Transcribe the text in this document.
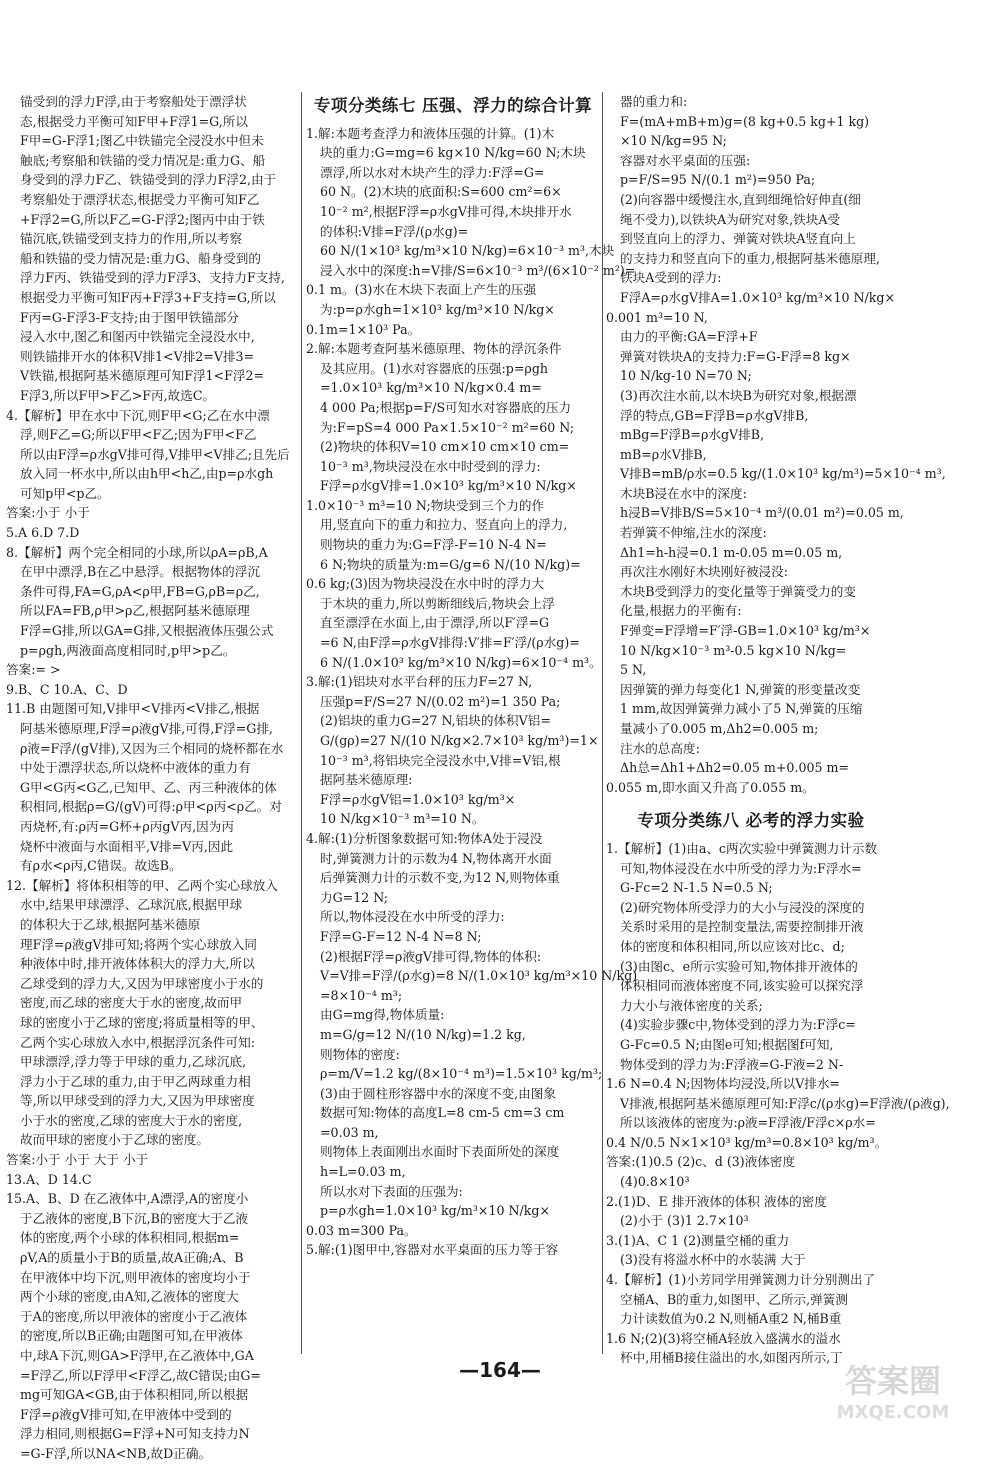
锚受到的浮力F浮,由于考察船处于漂浮状
态,根据受力平衡可知F甲+F浮1=G,所以
F甲=G-F浮1;图乙中铁锚完全浸没水中但未
触底;考察船和铁锚的受力情况是:重力G、船
身受到的浮力F乙、铁锚受到的浮力F浮2,由于
考察船处于漂浮状态,根据受力平衡可知F乙
+F浮2=G,所以F乙=G-F浮2;图丙中由于铁
锚沉底,铁锚受到支持力的作用,所以考察
船和铁锚的受力情况是:重力G、船身受到的
浮力F丙、铁锚受到的浮力F浮3、支持力F支持,
根据受力平衡可知F丙+F浮3+F支持=G,所以
F丙=G-F浮3-F支持;由于图甲铁锚部分
浸入水中,图乙和图丙中铁锚完全浸没水中,
则铁锚排开水的体积V排1<V排2=V排3=
V铁锚,根据阿基米德原理可知F浮1<F浮2=
F浮3,所以F甲>F乙>F丙,故选C。
4.【解析】甲在水中下沉,则F甲<G;乙在水中漂
浮,则F乙=G;所以F甲<F乙;因为F甲<F乙
所以由F浮=ρ水gV排可得,V排甲<V排乙;且先后
放入同一杯水中,所以由h甲<h乙,由p=ρ水gh
可知p甲<p乙。
答案:小于 小于
5.A 6.D 7.D
8.【解析】两个完全相同的小球,所以ρA=ρB,A
在甲中漂浮,B在乙中悬浮。根据物体的浮沉
条件可得,FA=G,ρA<ρ甲,FB=G,ρB=ρ乙,
所以FA=FB,ρ甲>ρ乙,根据阿基米德原理
F浮=G排,所以GA=G排,又根据液体压强公式
p=ρgh,两液面高度相同时,p甲>p乙。
答案:= >
9.B、C 10.A、C、D
11.B 由题图可知,V排甲<V排丙<V排乙,根据
阿基米德原理,F浮=ρ液gV排,可得,F浮=G排,
ρ液=F浮/(gV排),又因为三个相同的烧杯都在水
中处于漂浮状态,所以烧杯中液体的重力有
G甲<G丙<G乙,已知甲、乙、丙三种液体的体
积相同,根据ρ=G/(gV)可得:ρ甲<ρ丙<ρ乙。对
丙烧杯,有:ρ丙=G杯+ρ丙gV丙,因为丙
烧杯中液面与水面相平,V排=V丙,因此
有ρ水<ρ丙,C错误。故选B。
12.【解析】将体积相等的甲、乙两个实心球放入
水中,结果甲球漂浮、乙球沉底,根据甲球
的体积大于乙球,根据阿基米德原
理F浮=ρ液gV排可知;将两个实心球放入同
种液体中时,排开液体体积大的浮力大,所以
乙球受到的浮力大,又因为甲球密度小于水的
密度,而乙球的密度大于水的密度,故而甲
球的密度小于乙球的密度;将质量相等的甲、
乙两个实心球放入水中,根据浮沉条件可知:
甲球漂浮,浮力等于甲球的重力,乙球沉底,
浮力小于乙球的重力,由于甲乙两球重力相
等,所以甲球受到的浮力大,又因为甲球密度
小于水的密度,乙球的密度大于水的密度,
故而甲球的密度小于乙球的密度。
答案:小于 小于 大于 小于
13.A、D 14.C
15.A、B、D 在乙液体中,A漂浮,A的密度小
于乙液体的密度,B下沉,B的密度大于乙液
体的密度,两个小球的体积相同,根据m=
ρV,A的质量小于B的质量,故A正确;A、B
在甲液体中均下沉,则甲液体的密度均小于
两个小球的密度,由A知,乙液体的密度大
于A的密度,所以甲液体的密度小于乙液体
的密度,所以B正确;由题图可知,在甲液体
中,球A下沉,则GA>F浮甲,在乙液体中,GA
=F浮乙,所以F浮甲<F浮乙,故C错误;由G=
mg可知GA<GB,由于体积相同,所以根据
F浮=ρ液gV排可知,在甲液体中受到的
浮力相同,则根据G=F浮+N可知支持力N
=G-F浮,所以NA<NB,故D正确。
专项分类练七 压强、浮力的综合计算
1.解:本题考查浮力和液体压强的计算。(1)木
块的重力:G=mg=6 kg×10 N/kg=60 N;木块
漂浮,所以水对木块产生的浮力:F浮=G=
60 N。(2)木块的底面积:S=600 cm²=6×
10⁻² m²,根据F浮=ρ水gV排可得,木块排开水
的体积:V排=F浮/(ρ水g)=
60 N/(1×10³ kg/m³×10 N/kg)=6×10⁻³ m³,木块
浸入水中的深度:h=V排/S=6×10⁻³ m³/(6×10⁻² m²)=
0.1 m。(3)水在木块下表面上产生的压强
为:p=ρ水gh=1×10³ kg/m³×10 N/kg×
0.1m=1×10³ Pa。
2.解:本题考查阿基米德原理、物体的浮沉条件
及其应用。(1)水对容器底的压强:p=ρgh
=1.0×10³ kg/m³×10 N/kg×0.4 m=
4 000 Pa;根据p=F/S可知水对容器底的压力
为:F=pS=4 000 Pa×1.5×10⁻² m²=60 N;
(2)物块的体积V=10 cm×10 cm×10 cm=
10⁻³ m³,物块浸没在水中时受到的浮力:
F浮=ρ水gV排=1.0×10³ kg/m³×10 N/kg×
1.0×10⁻³ m³=10 N;物块受到三个力的作
用,竖直向下的重力和拉力、竖直向上的浮力,
则物块的重力为:G=F浮-F=10 N-4 N=
6 N;物块的质量为:m=G/g=6 N/(10 N/kg)=
0.6 kg;(3)因为物块浸没在水中时的浮力大
于木块的重力,所以剪断细线后,物块会上浮
直至漂浮在水面上,由于漂浮,所以F′浮=G
=6 N,由F浮=ρ水gV排得:V′排=F′浮/(ρ水g)=
6 N/(1.0×10³ kg/m³×10 N/kg)=6×10⁻⁴ m³。
3.解:(1)铝块对水平台秤的压力F=27 N,
压强p=F/S=27 N/(0.02 m²)=1 350 Pa;
(2)铝块的重力G=27 N,铝块的体积V铝=
G/(gρ)=27 N/(10 N/kg×2.7×10³ kg/m³)=1×
10⁻³ m³,将铝块完全浸没水中,V排=V铝,根
据阿基米德原理:
F浮=ρ水gV铝=1.0×10³ kg/m³×
10 N/kg×10⁻³ m³=10 N。
4.解:(1)分析图象数据可知:物体A处于浸没
时,弹簧测力计的示数为4 N,物体离开水面
后弹簧测力计的示数不变,为12 N,则物体重
力G=12 N;
所以,物体浸没在水中所受的浮力:
F浮=G-F=12 N-4 N=8 N;
(2)根据F浮=ρ液gV排可得,物体的体积:
V=V排=F浮/(ρ水g)=8 N/(1.0×10³ kg/m³×10 N/kg)
=8×10⁻⁴ m³;
由G=mg得,物体质量:
m=G/g=12 N/(10 N/kg)=1.2 kg,
则物体的密度:
ρ=m/V=1.2 kg/(8×10⁻⁴ m³)=1.5×10³ kg/m³;
(3)由于圆柱形容器中水的深度不变,由图象
数据可知:物体的高度L=8 cm-5 cm=3 cm
=0.03 m,
则物体上表面刚出水面时下表面所处的深度
h=L=0.03 m,
所以水对下表面的压强为:
p=ρ水gh=1.0×10³ kg/m³×10 N/kg×
0.03 m=300 Pa。
5.解:(1)图甲中,容器对水平桌面的压力等于容
器的重力和:
F=(mA+mB+m)g=(8 kg+0.5 kg+1 kg)
×10 N/kg=95 N;
容器对水平桌面的压强:
p=F/S=95 N/(0.1 m²)=950 Pa;
(2)向容器中缓慢注水,直到细绳恰好伸直(细
绳不受力),以铁块A为研究对象,铁块A受
到竖直向上的浮力、弹簧对铁块A竖直向上
的支持力和竖直向下的重力,根据阿基米德原理,
铁块A受到的浮力:
F浮A=ρ水gV排A=1.0×10³ kg/m³×10 N/kg×
0.001 m³=10 N,
由力的平衡:GA=F浮+F
弹簧对铁块A的支持力:F=G-F浮=8 kg×
10 N/kg-10 N=70 N;
(3)再次注水前,以木块B为研究对象,根据漂
浮的特点,GB=F浮B=ρ水gV排B,
mBg=F浮B=ρ水gV排B,
mB=ρ水V排B,
V排B=mB/ρ水=0.5 kg/(1.0×10³ kg/m³)=5×10⁻⁴ m³,
木块B浸在水中的深度:
h浸B=V排B/S=5×10⁻⁴ m³/(0.01 m²)=0.05 m,
若弹簧不伸缩,注水的深度:
Δh1=h-h浸=0.1 m-0.05 m=0.05 m,
再次注水刚好木块刚好被浸没:
木块B受到浮力的变化量等于弹簧受力的变
化量,根据力的平衡有:
F弹变=F浮增=F′浮-GB=1.0×10³ kg/m³×
10 N/kg×10⁻³ m³-0.5 kg×10 N/kg=
5 N,
因弹簧的弹力每变化1 N,弹簧的形变量改变
1 mm,故因弹簧弹力减小了5 N,弹簧的压缩
量减小了0.005 m,Δh2=0.005 m;
注水的总高度:
Δh总=Δh1+Δh2=0.05 m+0.005 m=
0.055 m,即水面又升高了0.055 m。
专项分类练八 必考的浮力实验
1.【解析】(1)由a、c两次实验中弹簧测力计示数
可知,物体浸没在水中所受的浮力为:F浮水=
G-Fc=2 N-1.5 N=0.5 N;
(2)研究物体所受浮力的大小与浸没的深度的
关系时采用的是控制变量法,需要控制排开液
体的密度和体积相同,所以应该对比c、d;
(3)由图c、e所示实验可知,物体排开液体的
体积相同而液体密度不同,该实验可以探究浮
力大小与液体密度的关系;
(4)实验步骤c中,物体受到的浮力为:F浮c=
G-Fc=0.5 N;由图e可知;根据图f可知,
物体受到的浮力为:F浮液=G-F液=2 N-
1.6 N=0.4 N;因物体均浸没,所以V排水=
V排液,根据阿基米德原理可知:F浮c/(ρ水g)=F浮液/(ρ液g),
所以该液体的密度为:ρ液=F浮液/F浮c×ρ水=
0.4 N/0.5 N×1×10³ kg/m³=0.8×10³ kg/m³。
答案:(1)0.5 (2)c、d (3)液体密度
(4)0.8×10³
2.(1)D、E 排开液体的体积 液体的密度
(2)小于 (3)1 2.7×10³
3.(1)A、C 1 (2)测量空桶的重力
(3)没有将溢水杯中的水装满 大于
4.【解析】(1)小芳同学用弹簧测力计分别测出了
空桶A、B的重力,如图甲、乙所示,弹簧测
力计读数值为0.2 N,则桶A重2 N,桶B重
1.6 N;(2)(3)将空桶A轻放入盛满水的溢水
杯中,用桶B接住溢出的水,如图丙所示,丁
—164—	答案圈
MXQE.COM
